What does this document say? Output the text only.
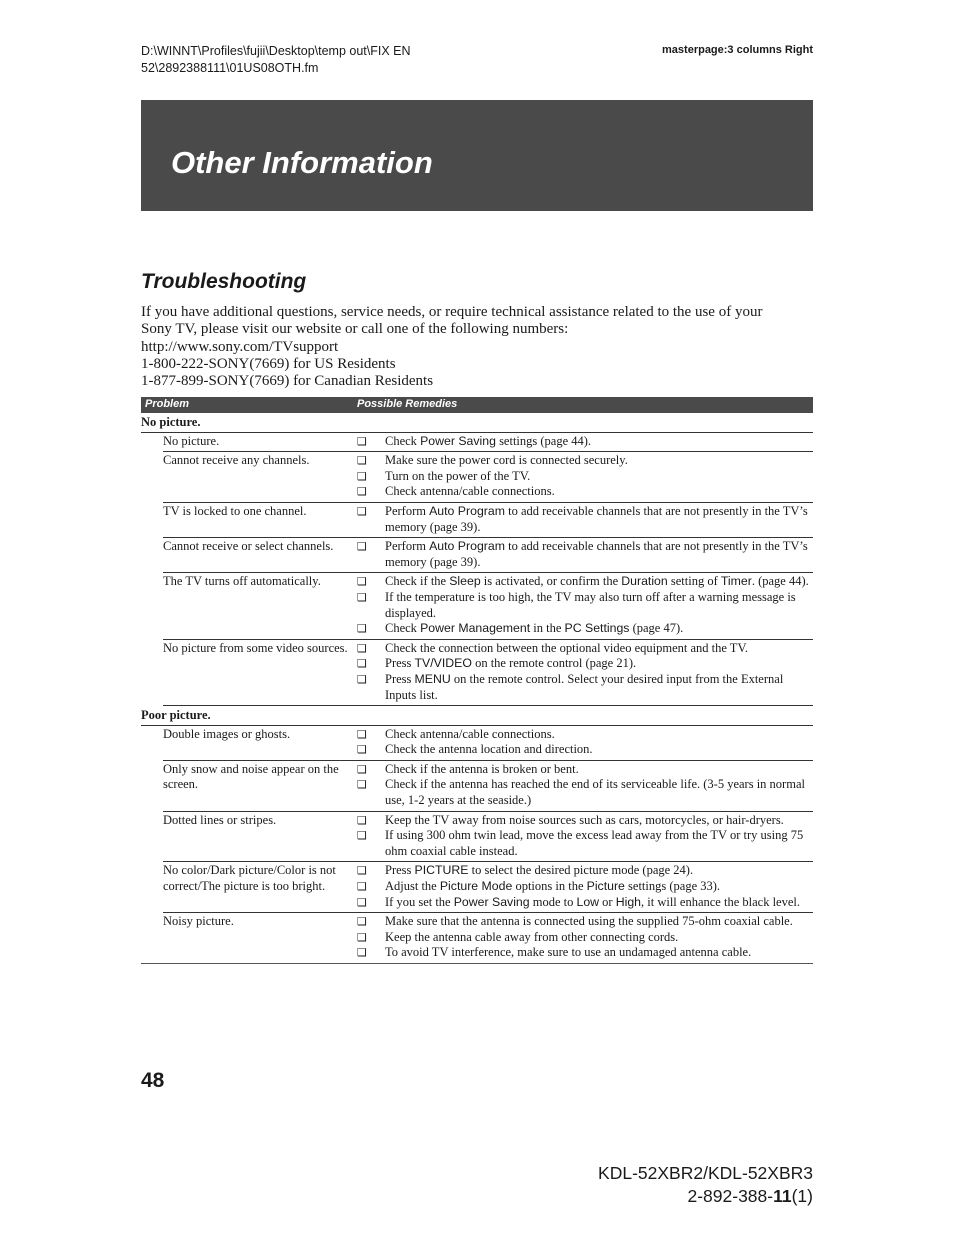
D:\WINNT\Profiles\fujii\Desktop\temp out\FIX EN
52\2892388111\01US08OTH.fm
masterpage:3 columns Right
Other Information
Troubleshooting
If you have additional questions, service needs, or require technical assistance related to the use of your
Sony TV, please visit our website or call one of the following numbers:
http://www.sony.com/TVsupport
1-800-222-SONY(7669) for US Residents
1-877-899-SONY(7669) for Canadian Residents
Problem	Possible Remedies
No picture.
No picture.	❑	Check Power Saving settings (page 44).
Cannot receive any channels.	❑	Make sure the power cord is connected securely.
❑	Turn on the power of the TV.
❑	Check antenna/cable connections.
TV is locked to one channel.	❑	Perform Auto Program to add receivable channels that are not presently in the TV’s memory (page 39).
Cannot receive or select channels.	❑	Perform Auto Program to add receivable channels that are not presently in the TV’s memory (page 39).
The TV turns off automatically.	❑	Check if the Sleep is activated, or confirm the Duration setting of Timer. (page 44).
❑	If the temperature is too high, the TV may also turn off after a warning message is displayed.
❑	Check Power Management in the PC Settings (page 47).
No picture from some video sources. ❑	Check the connection between the optional video equipment and the TV.
❑	Press TV/VIDEO on the remote control (page 21).
❑	Press MENU on the remote control. Select your desired input from the External Inputs list.
Poor picture.
Double images or ghosts.	❑	Check antenna/cable connections.
❑	Check the antenna location and direction.
Only snow and noise appear on the screen.
❑	Check if the antenna is broken or bent.
❑	Check if the antenna has reached the end of its serviceable life. (3-5 years in normal use, 1-2 years at the seaside.)
Dotted lines or stripes.	❑	Keep the TV away from noise sources such as cars, motorcycles, or hair-dryers.
❑	If using 300 ohm twin lead, move the excess lead away from the TV or try using 75 ohm coaxial cable instead.
No color/Dark picture/Color is not correct/The picture is too bright.
❑	Press PICTURE to select the desired picture mode (page 24).
❑	Adjust the Picture Mode options in the Picture settings (page 33).
❑	If you set the Power Saving mode to Low or High, it will enhance the black level.
Noisy picture.	❑	Make sure that the antenna is connected using the supplied 75-ohm coaxial cable.
❑	Keep the antenna cable away from other connecting cords.
❑	To avoid TV interference, make sure to use an undamaged antenna cable.
48
KDL-52XBR2/KDL-52XBR3
2-892-388-11(1)
